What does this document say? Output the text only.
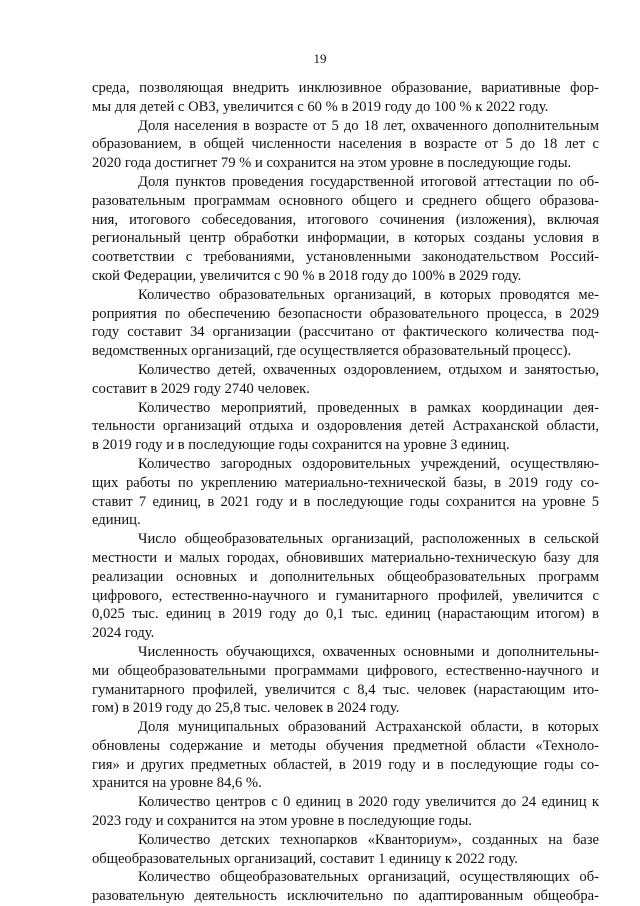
19
среда, позволяющая внедрить инклюзивное образование, вариативные фор-
мы для детей с ОВЗ, увеличится с 60 % в 2019 году до 100 % к 2022 году.
Доля населения в возрасте от 5 до 18 лет, охваченного дополнительным
образованием, в общей численности населения в возрасте от 5 до 18 лет с
2020 года достигнет 79 % и сохранится на этом уровне в последующие годы.
Доля пунктов проведения государственной итоговой аттестации по об-
разовательным программам основного общего и среднего общего образова-
ния, итогового собеседования, итогового сочинения (изложения), включая
региональный центр обработки информации, в которых созданы условия в
соответствии с требованиями, установленными законодательством Россий-
ской Федерации, увеличится с 90 % в 2018 году до 100% в 2029 году.
Количество образовательных организаций, в которых проводятся ме-
роприятия по обеспечению безопасности образовательного процесса, в 2029
году составит 34 организации (рассчитано от фактического количества под-
ведомственных организаций, где осуществляется образовательный процесс).
Количество детей, охваченных оздоровлением, отдыхом и занятостью,
составит в 2029 году 2740 человек.
Количество мероприятий, проведенных в рамках координации дея-
тельности организаций отдыха и оздоровления детей Астраханской области,
в 2019 году и в последующие годы сохранится на уровне 3 единиц.
Количество загородных оздоровительных учреждений, осуществляю-
щих работы по укреплению материально-технической базы, в 2019 году со-
ставит 7 единиц, в 2021 году и в последующие годы сохранится на уровне 5
единиц.
Число общеобразовательных организаций, расположенных в сельской
местности и малых городах, обновивших материально-техническую базу для
реализации основных и дополнительных общеобразовательных программ
цифрового, естественно-научного и гуманитарного профилей, увеличится с
0,025 тыс. единиц в 2019 году до 0,1 тыс. единиц (нарастающим итогом) в
2024 году.
Численность обучающихся, охваченных основными и дополнительны-
ми общеобразовательными программами цифрового, естественно-научного и
гуманитарного профилей, увеличится с 8,4 тыс. человек (нарастающим ито-
гом) в 2019 году до 25,8 тыс. человек в 2024 году.
Доля муниципальных образований Астраханской области, в которых
обновлены содержание и методы обучения предметной области «Техноло-
гия» и других предметных областей, в 2019 году и в последующие годы со-
хранится на уровне 84,6 %.
Количество центров с 0 единиц в 2020 году увеличится до 24 единиц к
2023 году и сохранится на этом уровне в последующие годы.
Количество детских технопарков «Кванториум», созданных на базе
общеобразовательных организаций, составит 1 единицу к 2022 году.
Количество общеобразовательных организаций, осуществляющих об-
разовательную деятельность исключительно по адаптированным общеобра-
